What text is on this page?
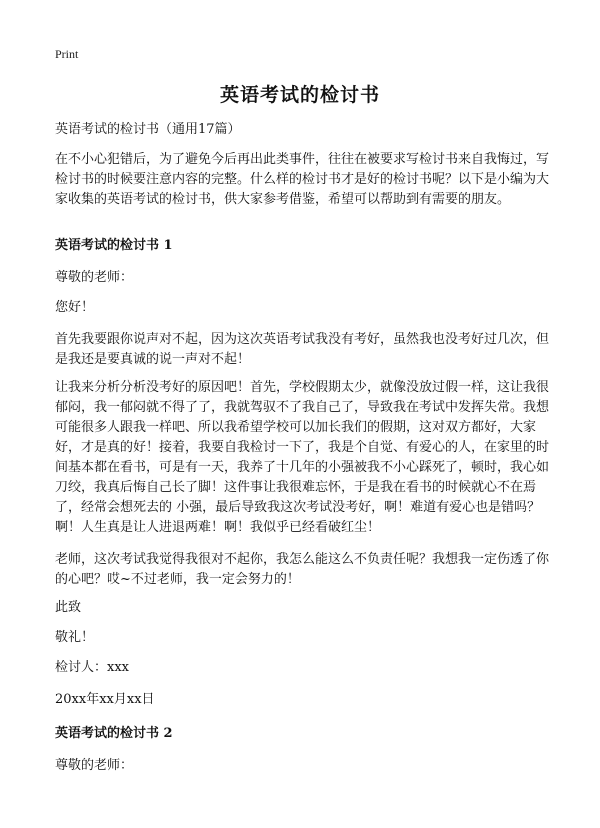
Print
英语考试的检讨书
英语考试的检讨书（通用17篇）
在不小心犯错后，为了避免今后再出此类事件，往往在被要求写检讨书来自我悔过，写检讨书的时候要注意内容的完整。什么样的检讨书才是好的检讨书呢？以下是小编为大家收集的英语考试的检讨书，供大家参考借鉴，希望可以帮助到有需要的朋友。
英语考试的检讨书 1
尊敬的老师：
您好！
首先我要跟你说声对不起，因为这次英语考试我没有考好，虽然我也没考好过几次，但是我还是要真诚的说一声对不起！
让我来分析分析没考好的原因吧！首先，学校假期太少，就像没放过假一样，这让我很郁闷，我一郁闷就不得了了，我就驾驭不了我自己了，导致我在考试中发挥失常。我想可能很多人跟我一样吧、所以我希望学校可以加长我们的假期，这对双方都好，大家好，才是真的好！接着，我要自我检讨一下了，我是个自觉、有爱心的人，在家里的时间基本都在看书，可是有一天，我养了十几年的小强被我不小心踩死了，顿时，我心如刀绞，我真后悔自己长了脚！这件事让我很难忘怀，于是我在看书的时候就心不在焉了，经常会想死去的 小强，最后导致我这次考试没考好，啊！难道有爱心也是错吗？啊！人生真是让人进退两难！啊！我似乎已经看破红尘！
老师，这次考试我觉得我很对不起你，我怎么能这么不负责任呢？我想我一定伤透了你的心吧？哎~不过老师，我一定会努力的！
此致
敬礼！
检讨人：xxx
20xx年xx月xx日
英语考试的检讨书 2
尊敬的老师：
